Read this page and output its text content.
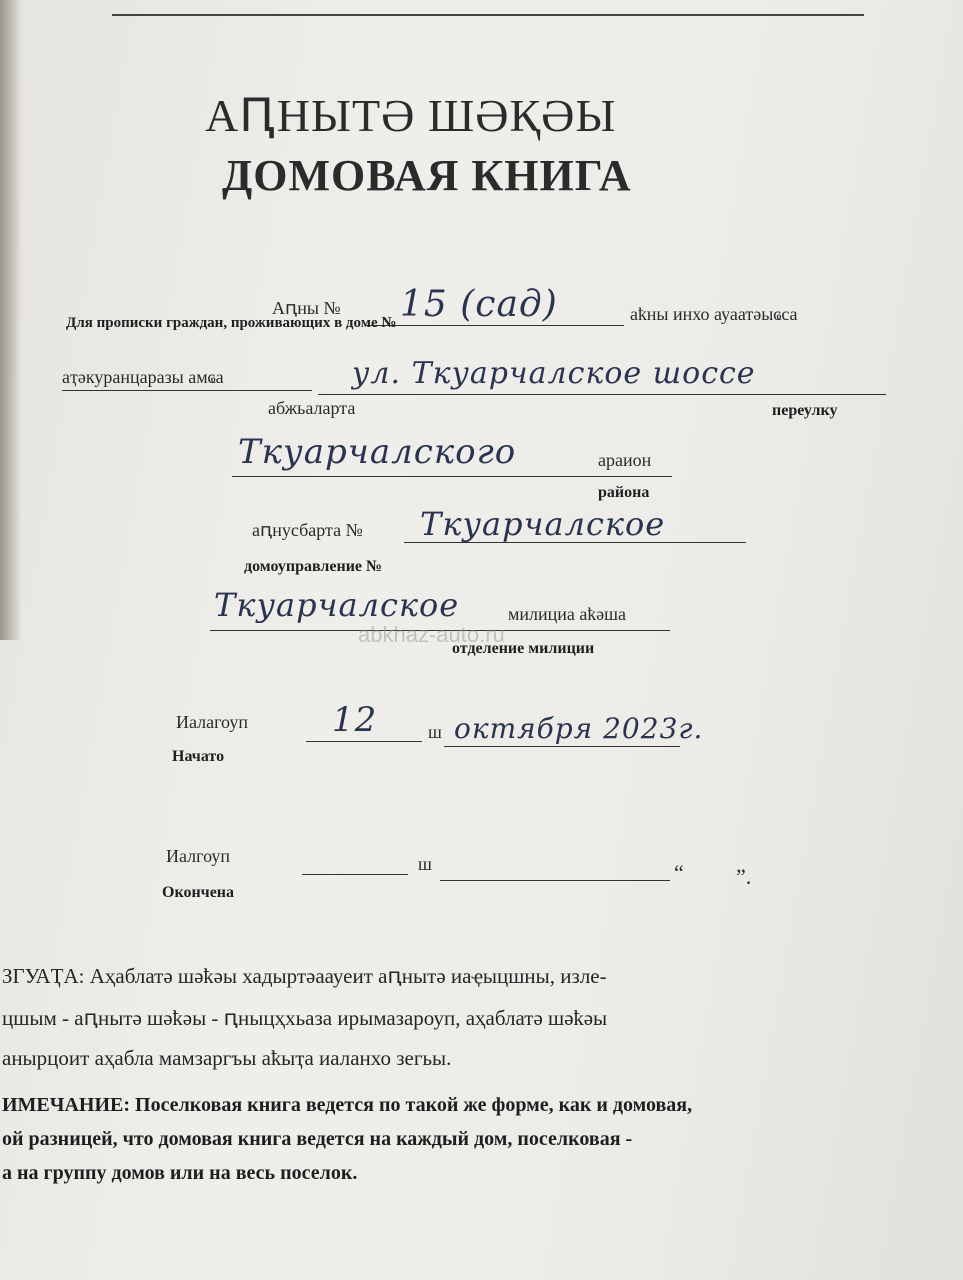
АԤНЫТӘ ШӘҚӘЫ
ДОМОВАЯ КНИГА
Аԥны № 15 (сад)	аҟны инхо ауаатәыҩса
Для прописки граждан, проживающих в доме №
аҭәкуранцаразы амҩа	ул. Ткуарчалское шоссе
абжьаларта	переулку
Ткуарчалского	араион
района
аԥнусбарта № Ткуарчалское
домоуправление №
Ткуарчалское	милициа аҟәша
отделение милиции
abkhaz-auto.ru
Иалагоуп
Начато
12	ш октября 2023г.
Иалгоуп
Окончена
ш	“ ”.
ЗГУАҬА: Аҳаблатә шәҟәы хадыртәаауеит аԥнытә иаҿыцшны, изле-
цшым - аԥнытә шәҟәы - ԥныцҳхьаза ирымазароуп, аҳаблатә шәҟәы
анырцоит аҳабла мамзаргъы аҟыҭа иаланхо зегьы.
ИМЕЧАНИЕ: Поселковая книга ведется по такой же форме, как и домовая,
ой разницей, что домовая книга ведется на каждый дом, поселковая -
а на группу домов или на весь поселок.
